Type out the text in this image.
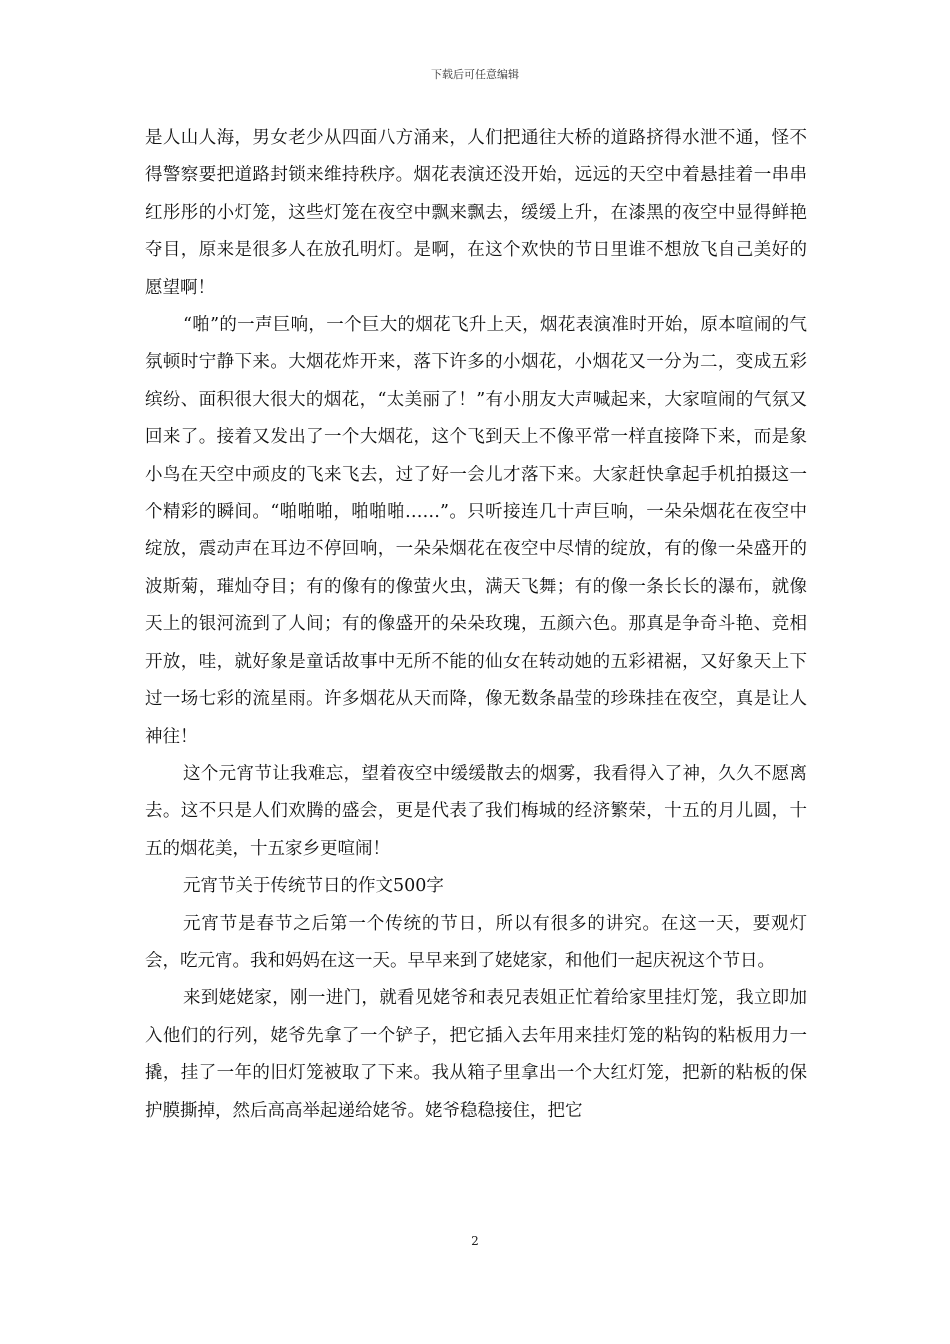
下载后可任意编辑

是人山人海，男女老少从四面八方涌来，人们把通往大桥的道路挤得水泄不通，怪不得警察要把道路封锁来维持秩序。烟花表演还没开始，远远的天空中着悬挂着一串串红彤彤的小灯笼，这些灯笼在夜空中飘来飘去，缓缓上升，在漆黑的夜空中显得鲜艳夺目，原来是很多人在放孔明灯。是啊，在这个欢快的节日里谁不想放飞自己美好的愿望啊！

“啪”的一声巨响，一个巨大的烟花飞升上天，烟花表演准时开始，原本喧闹的气氛顿时宁静下来。大烟花炸开来，落下许多的小烟花，小烟花又一分为二，变成五彩缤纷、面积很大很大的烟花，“太美丽了！”有小朋友大声喊起来，大家喧闹的气氛又回来了。接着又发出了一个大烟花，这个飞到天上不像平常一样直接降下来，而是象小鸟在天空中顽皮的飞来飞去，过了好一会儿才落下来。大家赶快拿起手机拍摄这一个精彩的瞬间。“啪啪啪，啪啪啪……”。只听接连几十声巨响，一朵朵烟花在夜空中绽放，震动声在耳边不停回响，一朵朵烟花在夜空中尽情的绽放，有的像一朵盛开的波斯菊，璀灿夺目；有的像有的像萤火虫，满天飞舞；有的像一条长长的瀑布，就像天上的银河流到了人间；有的像盛开的朵朵玫瑰，五颜六色。那真是争奇斗艳、竞相开放，哇，就好象是童话故事中无所不能的仙女在转动她的五彩裙裾，又好象天上下过一场七彩的流星雨。许多烟花从天而降，像无数条晶莹的珍珠挂在夜空，真是让人神往！

这个元宵节让我难忘，望着夜空中缓缓散去的烟雾，我看得入了神，久久不愿离去。这不只是人们欢腾的盛会，更是代表了我们梅城的经济繁荣，十五的月儿圆，十五的烟花美，十五家乡更喧闹！

元宵节关于传统节日的作文500字

元宵节是春节之后第一个传统的节日，所以有很多的讲究。在这一天，要观灯会，吃元宵。我和妈妈在这一天。早早来到了姥姥家，和他们一起庆祝这个节日。

来到姥姥家，刚一进门，就看见姥爷和表兄表姐正忙着给家里挂灯笼，我立即加入他们的行列，姥爷先拿了一个铲子，把它插入去年用来挂灯笼的粘钩的粘板用力一撬，挂了一年的旧灯笼被取了下来。我从箱子里拿出一个大红灯笼，把新的粘板的保护膜撕掉，然后高高举起递给姥爷。姥爷稳稳接住，把它

2
